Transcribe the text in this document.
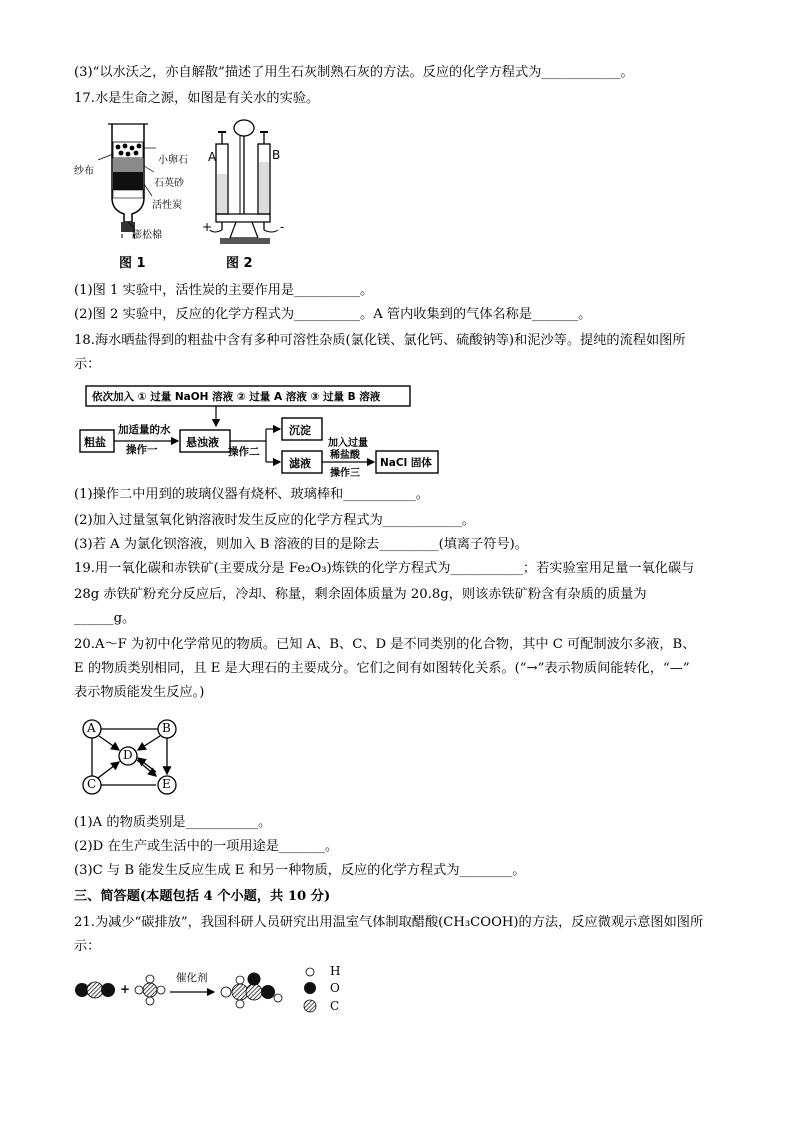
(3)“以水沃之，亦自解散”描述了用生石灰制熟石灰的方法。反应的化学方程式为____________。
17.水是生命之源，如图是有关水的实验。
纱布
小卵石
石英砂
活性炭
膨松棉
图 1
A	B
+	-
图 2
(1)图 1 实验中，活性炭的主要作用是__________。
(2)图 2 实验中，反应的化学方程式为__________。A 管内收集到的气体名称是_______。
18.海水晒盐得到的粗盐中含有多种可溶性杂质(氯化镁、氯化钙、硫酸钠等)和泥沙等。提纯的流程如图所
示：
依次加入 ① 过量 NaOH 溶液 ② 过量 A 溶液 ③ 过量 B 溶液
粗盐
加适量的水
操作一
悬浊液
操作二
沉淀
滤液
加入过量
稀盐酸
操作三
NaCl 固体
(1)操作二中用到的玻璃仪器有烧杯、玻璃棒和___________。
(2)加入过量氢氧化钠溶液时发生反应的化学方程式为____________。
(3)若 A 为氯化钡溶液，则加入 B 溶液的目的是除去_________(填离子符号)。
19.用一氧化碳和赤铁矿(主要成分是 Fe₂O₃)炼铁的化学方程式为___________；若实验室用足量一氧化碳与
28g 赤铁矿粉充分反应后，冷却、称量，剩余固体质量为 20.8g，则该赤铁矿粉含有杂质的质量为
______g。
20.A～F 为初中化学常见的物质。已知 A、B、C、D 是不同类别的化合物，其中 C 可配制波尔多液，B、
E 的物质类别相同，且 E 是大理石的主要成分。它们之间有如图转化关系。(“→”表示物质间能转化，“—”
表示物质能发生反应。)
A	B
C
D
E
(1)A 的物质类别是___________。
(2)D 在生产或生活中的一项用途是_______。
(3)C 与 B 能发生反应生成 E 和另一种物质，反应的化学方程式为________。
三、简答题(本题包括 4 个小题，共 10 分)
21.为减少“碳排放”，我国科研人员研究出用温室气体制取醋酸(CH₃COOH)的方法，反应微观示意图如图所
示：
+
催化剂	H
O
C
